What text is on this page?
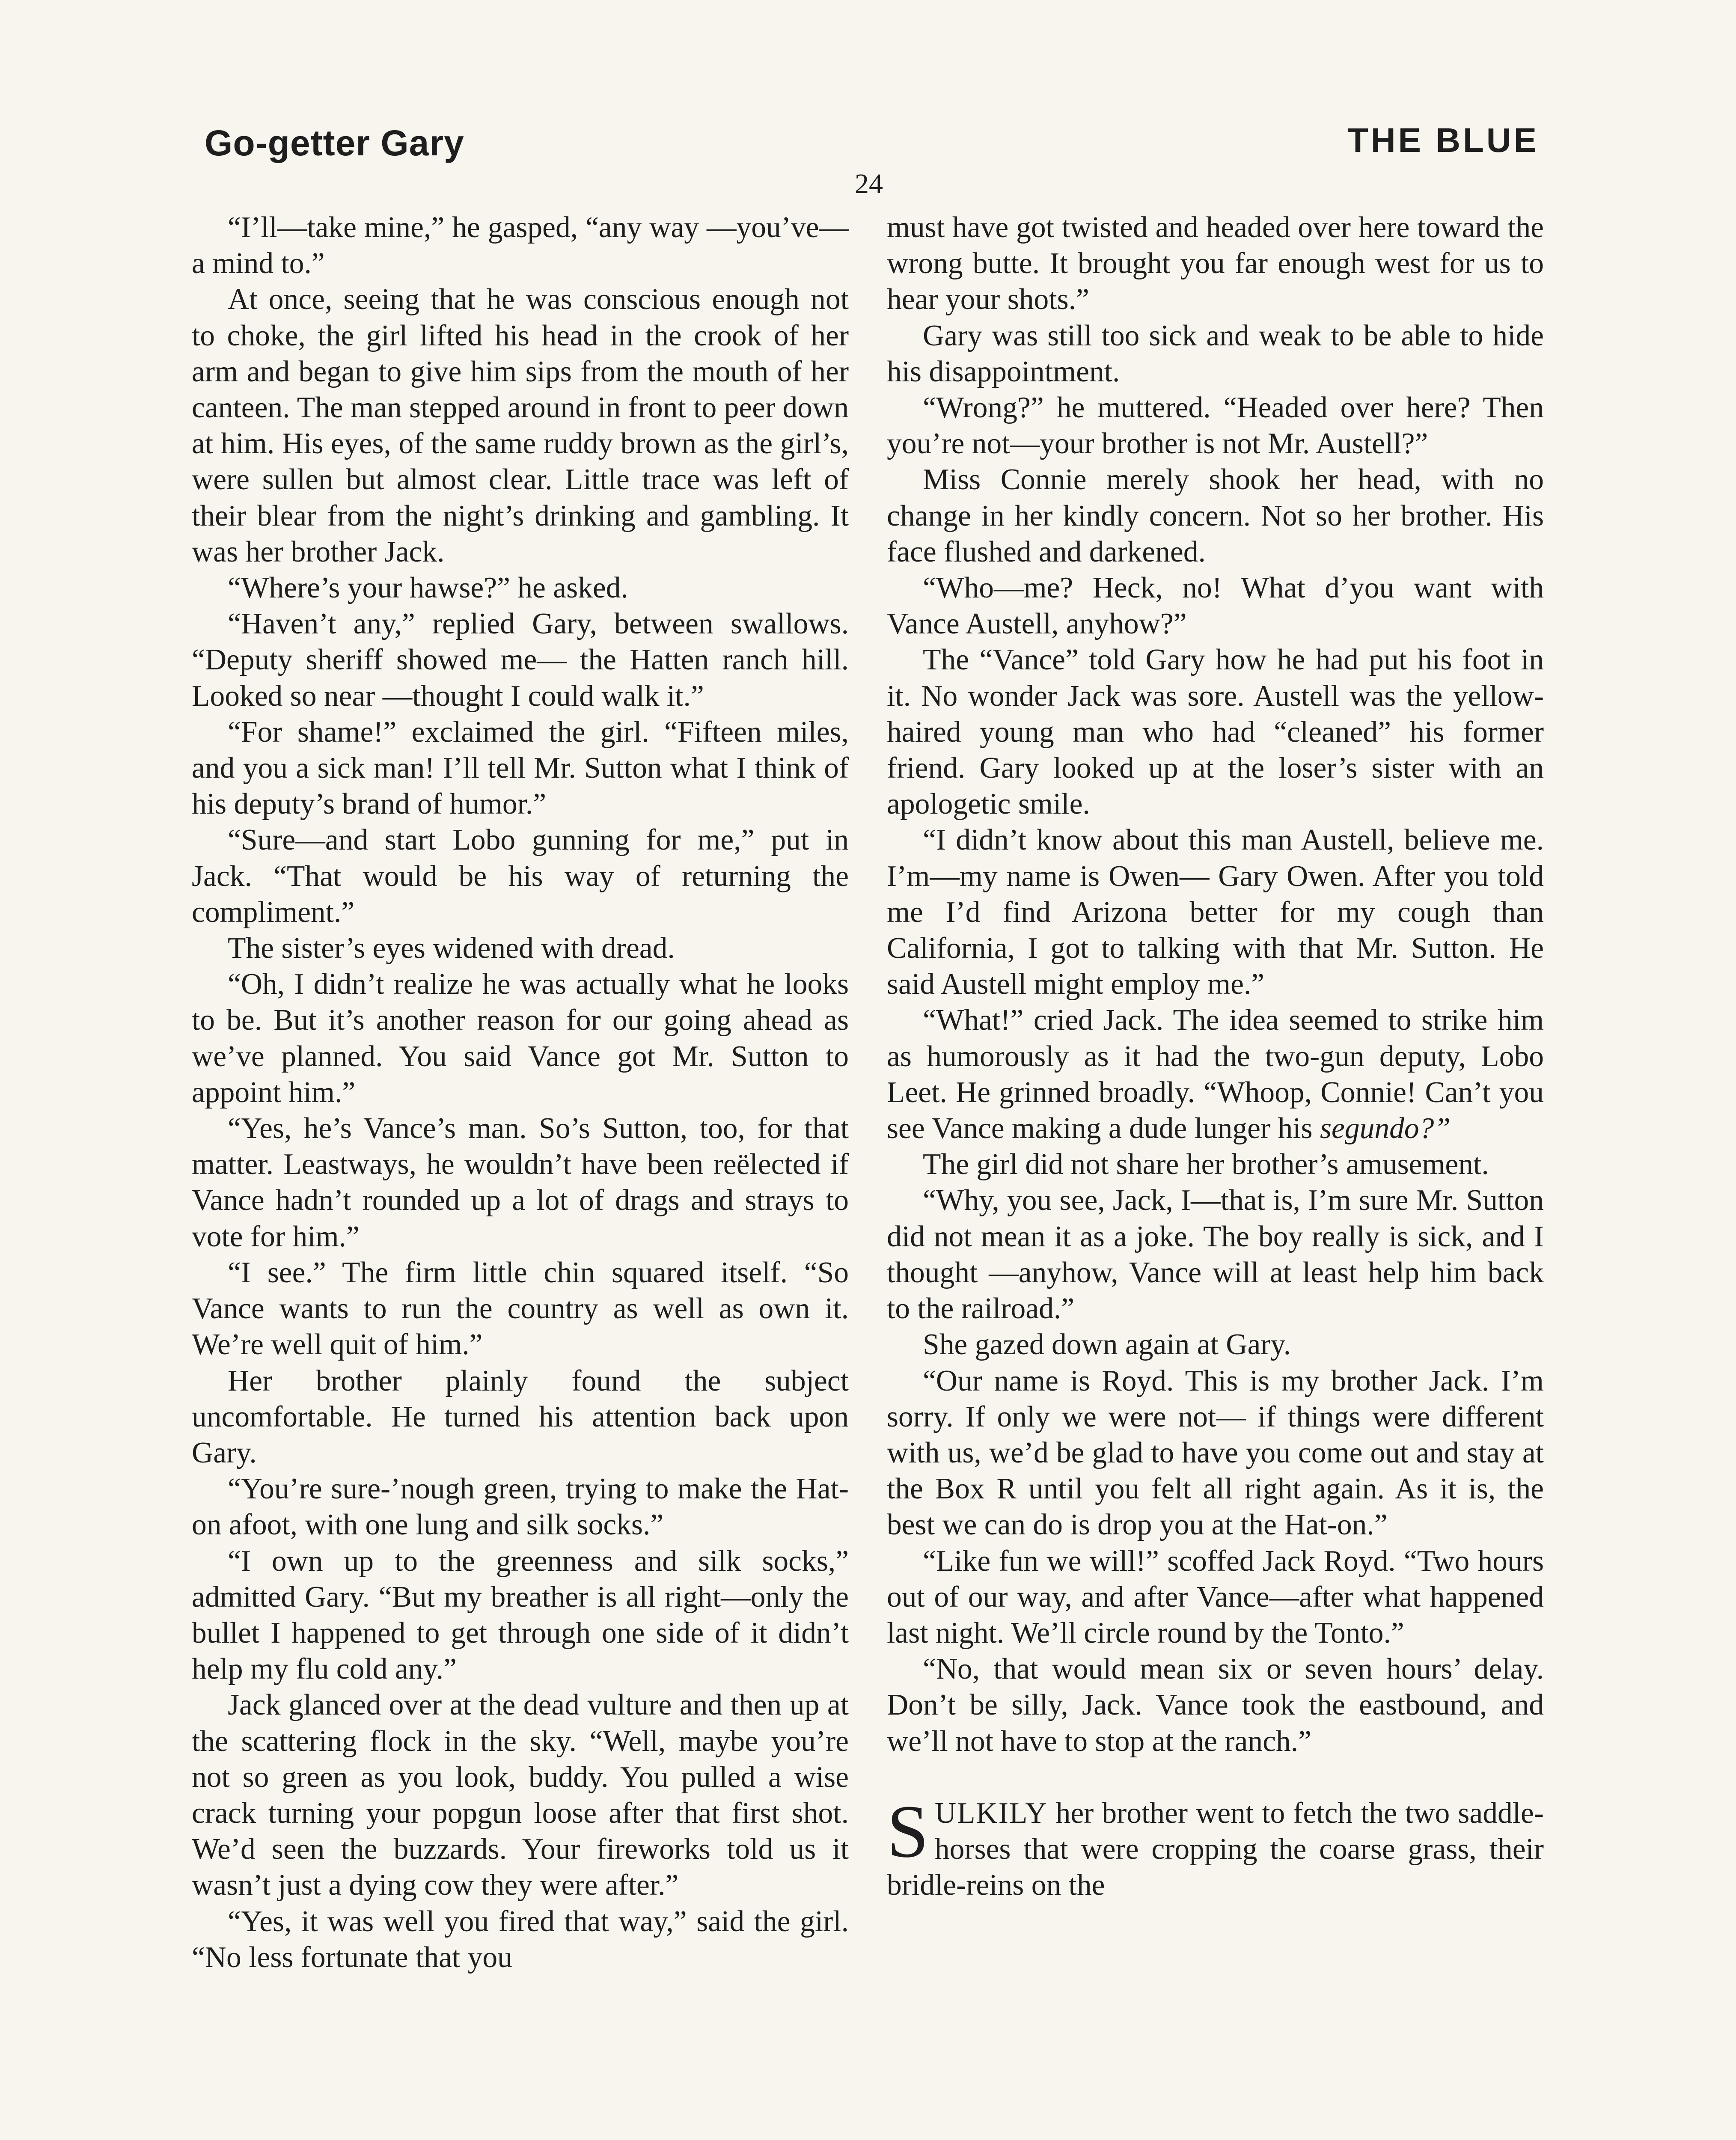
Go-getter Gary	THE BLUE
24

“I’ll—take mine,” he gasped, “any way —you’ve—a mind to.”

At once, seeing that he was conscious enough not to choke, the girl lifted his head in the crook of her arm and began to give him sips from the mouth of her canteen. The man stepped around in front to peer down at him. His eyes, of the same ruddy brown as the girl’s, were sullen but almost clear. Little trace was left of their blear from the night’s drinking and gambling. It was her brother Jack.

“Where’s your hawse?” he asked.

“Haven’t any,” replied Gary, between swallows. “Deputy sheriff showed me— the Hatten ranch hill. Looked so near —thought I could walk it.”

“For shame!” exclaimed the girl. “Fifteen miles, and you a sick man! I’ll tell Mr. Sutton what I think of his deputy’s brand of humor.”

“Sure—and start Lobo gunning for me,” put in Jack. “That would be his way of returning the compliment.”

The sister’s eyes widened with dread.

“Oh, I didn’t realize he was actually what he looks to be. But it’s another reason for our going ahead as we’ve planned. You said Vance got Mr. Sutton to appoint him.”

“Yes, he’s Vance’s man. So’s Sutton, too, for that matter. Leastways, he wouldn’t have been reëlected if Vance hadn’t rounded up a lot of drags and strays to vote for him.”

“I see.” The firm little chin squared itself. “So Vance wants to run the country as well as own it. We’re well quit of him.”

Her brother plainly found the subject uncomfortable. He turned his attention back upon Gary.

“You’re sure-’nough green, trying to make the Hat-on afoot, with one lung and silk socks.”

“I own up to the greenness and silk socks,” admitted Gary. “But my breather is all right—only the bullet I happened to get through one side of it didn’t help my flu cold any.”

Jack glanced over at the dead vulture and then up at the scattering flock in the sky. “Well, maybe you’re not so green as you look, buddy. You pulled a wise crack turning your popgun loose after that first shot. We’d seen the buzzards. Your fireworks told us it wasn’t just a dying cow they were after.”

“Yes, it was well you fired that way,” said the girl. “No less fortunate that you

must have got twisted and headed over here toward the wrong butte. It brought you far enough west for us to hear your shots.”

Gary was still too sick and weak to be able to hide his disappointment.

“Wrong?” he muttered. “Headed over here? Then you’re not—your brother is not Mr. Austell?”

Miss Connie merely shook her head, with no change in her kindly concern. Not so her brother. His face flushed and darkened.

“Who—me? Heck, no! What d’you want with Vance Austell, anyhow?”

The “Vance” told Gary how he had put his foot in it. No wonder Jack was sore. Austell was the yellow-haired young man who had “cleaned” his former friend. Gary looked up at the loser’s sister with an apologetic smile.

“I didn’t know about this man Austell, believe me. I’m—my name is Owen— Gary Owen. After you told me I’d find Arizona better for my cough than California, I got to talking with that Mr. Sutton. He said Austell might employ me.”

“What!” cried Jack. The idea seemed to strike him as humorously as it had the two-gun deputy, Lobo Leet. He grinned broadly. “Whoop, Connie! Can’t you see Vance making a dude lunger his segundo?”

The girl did not share her brother’s amusement.

“Why, you see, Jack, I—that is, I’m sure Mr. Sutton did not mean it as a joke. The boy really is sick, and I thought —anyhow, Vance will at least help him back to the railroad.”

She gazed down again at Gary.

“Our name is Royd. This is my brother Jack. I’m sorry. If only we were not— if things were different with us, we’d be glad to have you come out and stay at the Box R until you felt all right again. As it is, the best we can do is drop you at the Hat-on.”

“Like fun we will!” scoffed Jack Royd. “Two hours out of our way, and after Vance—after what happened last night. We’ll circle round by the Tonto.”

“No, that would mean six or seven hours’ delay. Don’t be silly, Jack. Vance took the eastbound, and we’ll not have to stop at the ranch.”

SULKILY her brother went to fetch the two saddle-horses that were cropping the coarse grass, their bridle-reins on the
